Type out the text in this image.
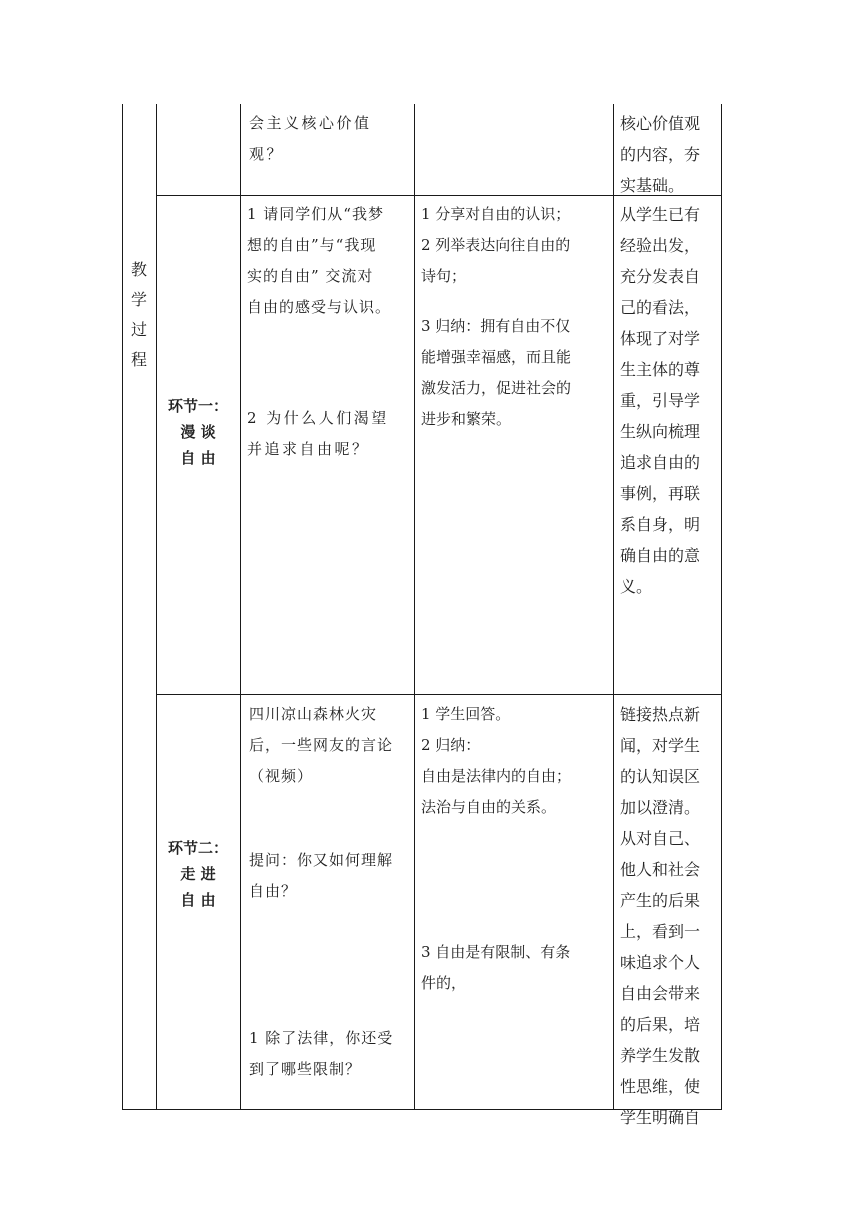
教
学
过
程
会主义核心价值
观？
核心价值观
的内容，夯
实基础。
环节一：
漫 谈
自 由
1 请同学们从“我梦
想的自由”与“我现
实的自由” 交流对
自由的感受与认识。
2 为什么人们渴望
并追求自由呢？
1 分享对自由的认识；
2 列举表达向往自由的
诗句；
3 归纳：拥有自由不仅
能增强幸福感，而且能
激发活力，促进社会的
进步和繁荣。
从学生已有
经验出发，
充分发表自
己的看法，
体现了对学
生主体的尊
重，引导学
生纵向梳理
追求自由的
事例，再联
系自身，明
确自由的意
义。
环节二：
走 进
自 由
四川凉山森林火灾
后，一些网友的言论
（视频）
提问：你又如何理解
自由？
1 除了法律，你还受
到了哪些限制？
1 学生回答。
2 归纳：
自由是法律内的自由；
法治与自由的关系。
3 自由是有限制、有条
件的，
链接热点新
闻，对学生
的认知误区
加以澄清。
从对自己、
他人和社会
产生的后果
上，看到一
味追求个人
自由会带来
的后果，培
养学生发散
性思维，使
学生明确自
